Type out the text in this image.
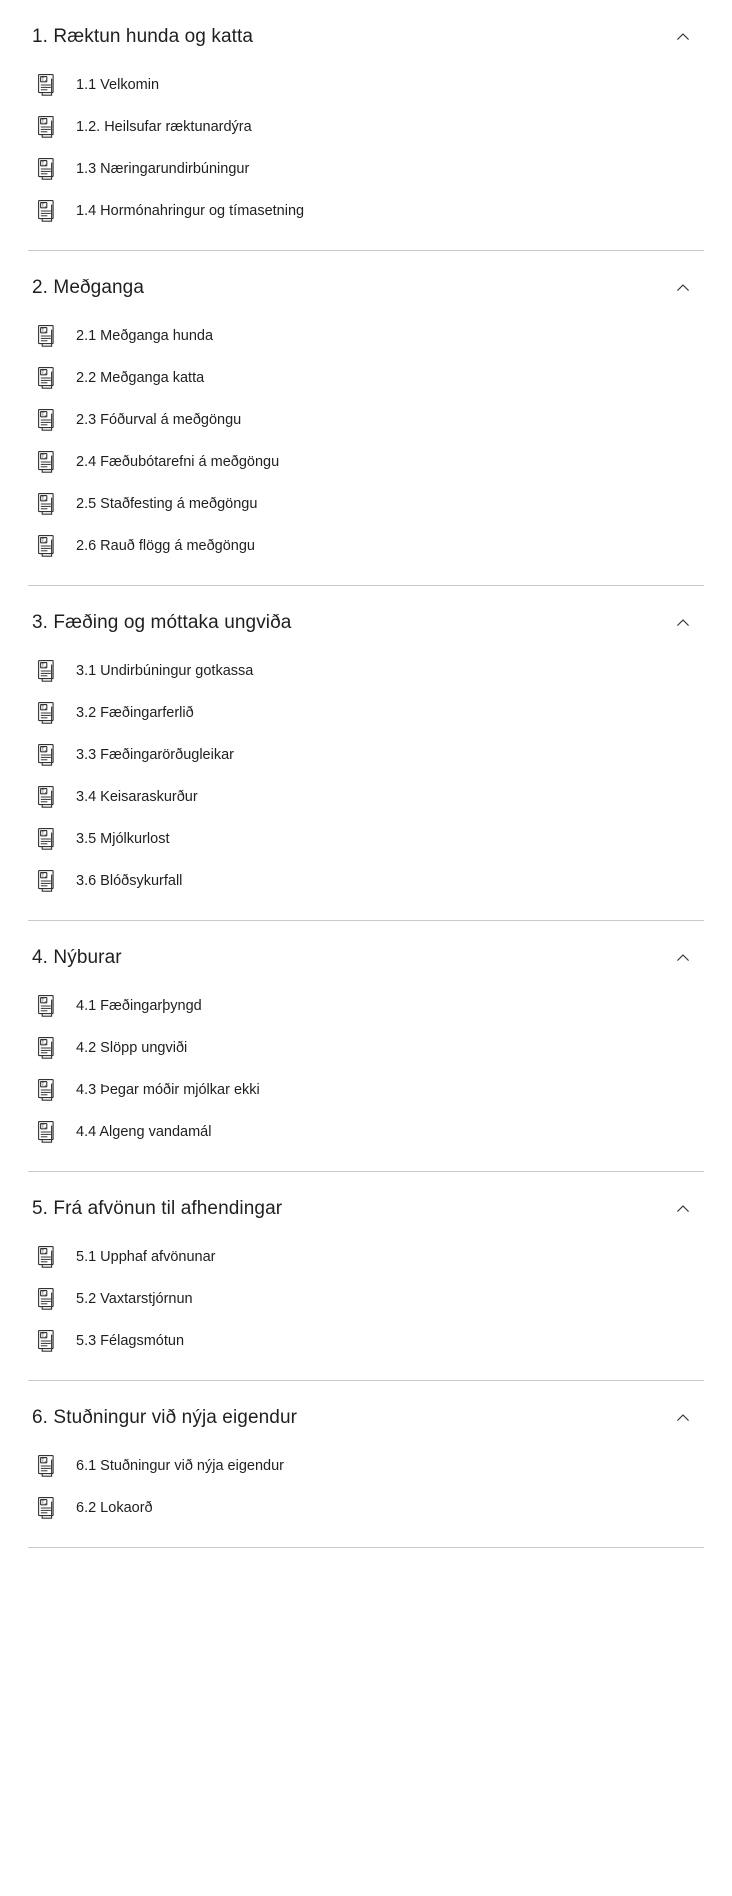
1. Ræktun hunda og katta
T x 1.1 Velkomin
T x 1.2. Heilsufar ræktunardýra
T x 1.3 Næringarundirbúningur
T x 1.4 Hormónahringur og tímasetning
2. Meðganga
T x 2.1 Meðganga hunda
T x 2.2 Meðganga katta
T x 2.3 Fóðurval á meðgöngu
T x 2.4 Fæðubótarefni á meðgöngu
T x 2.5 Staðfesting á meðgöngu
T x 2.6 Rauð flögg á meðgöngu
3. Fæðing og móttaka ungviða
T x 3.1 Undirbúningur gotkassa
T x 3.2 Fæðingarferlið
T x 3.3 Fæðingarörðugleikar
T x 3.4 Keisaraskurður
T x 3.5 Mjólkurlost
T x 3.6 Blóðsykurfall
4. Nýburar
T x 4.1 Fæðingarþyngd
T x 4.2 Slöpp ungviði
T x 4.3 Þegar móðir mjólkar ekki
T x 4.4 Algeng vandamál
5. Frá afvönun til afhendingar
T x 5.1 Upphaf afvönunar
T x 5.2 Vaxtarstjórnun
T x 5.3 Félagsmótun
6. Stuðningur við nýja eigendur
T x 6.1 Stuðningur við nýja eigendur
T x 6.2 Lokaorð
